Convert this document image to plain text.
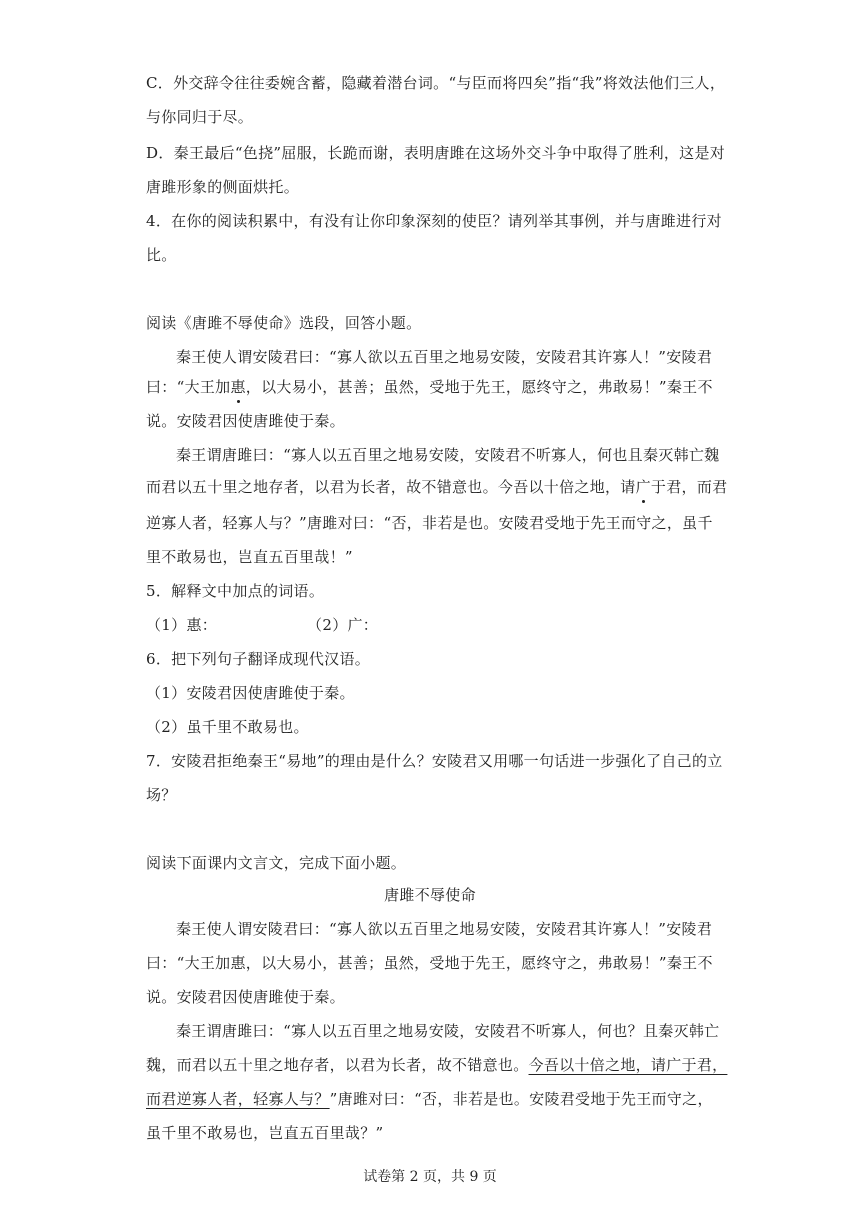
C．外交辞令往往委婉含蓄，隐藏着潜台词。“与臣而将四矣”指“我”将效法他们三人，
与你同归于尽。
D．秦王最后“色挠”屈服，长跪而谢，表明唐雎在这场外交斗争中取得了胜利，这是对
唐雎形象的侧面烘托。
4．在你的阅读积累中，有没有让你印象深刻的使臣？请列举其事例，并与唐雎进行对
比。
阅读《唐雎不辱使命》选段，回答小题。
秦王使人谓安陵君曰：“寡人欲以五百里之地易安陵，安陵君其许寡人！”安陵君
曰：“大王加惠，以大易小，甚善；虽然，受地于先王，愿终守之，弗敢易！”秦王不
说。安陵君因使唐雎使于秦。
秦王谓唐雎曰：“寡人以五百里之地易安陵，安陵君不听寡人，何也且秦灭韩亡魏
而君以五十里之地存者，以君为长者，故不错意也。今吾以十倍之地，请广于君，而君
逆寡人者，轻寡人与？”唐雎对曰：“否，非若是也。安陵君受地于先王而守之，虽千
里不敢易也，岂直五百里哉！”
5．解释文中加点的词语。
（1）惠：	（2）广：
6．把下列句子翻译成现代汉语。
（1）安陵君因使唐雎使于秦。
（2）虽千里不敢易也。
7．安陵君拒绝秦王“易地”的理由是什么？安陵君又用哪一句话进一步强化了自己的立
场？
阅读下面课内文言文，完成下面小题。
唐雎不辱使命
秦王使人谓安陵君曰：“寡人欲以五百里之地易安陵，安陵君其许寡人！”安陵君
曰：“大王加惠，以大易小，甚善；虽然，受地于先王，愿终守之，弗敢易！”秦王不
说。安陵君因使唐雎使于秦。
秦王谓唐雎曰：“寡人以五百里之地易安陵，安陵君不听寡人，何也？且秦灭韩亡
魏，而君以五十里之地存者，以君为长者，故不错意也。今吾以十倍之地，请广于君，
而君逆寡人者，轻寡人与？”唐雎对曰：“否，非若是也。安陵君受地于先王而守之，
虽千里不敢易也，岂直五百里哉？”
试卷第 2 页，共 9 页
